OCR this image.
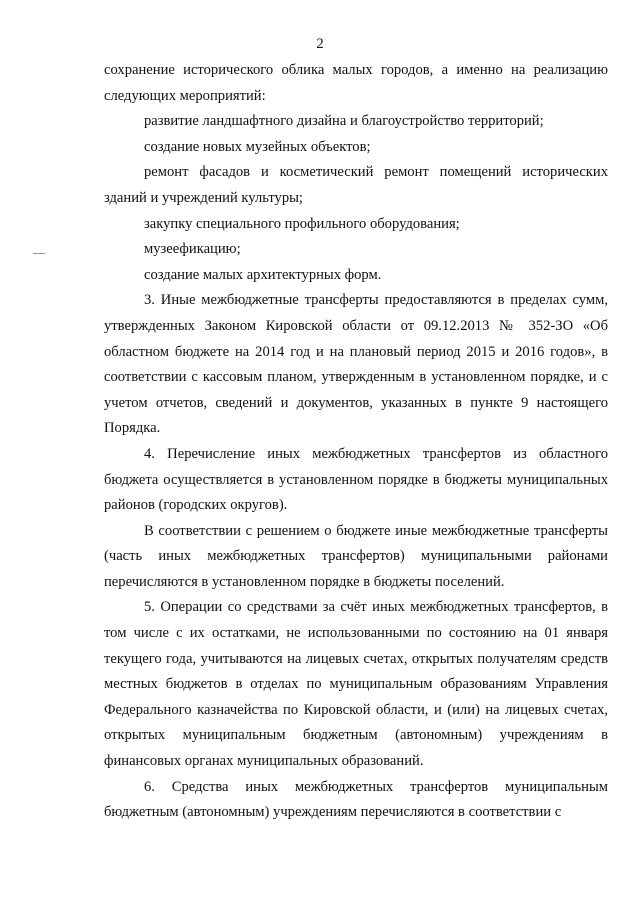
2

сохранение исторического облика малых городов, а именно на реализацию следующих мероприятий:

развитие ландшафтного дизайна и благоустройство территорий;

создание новых музейных объектов;

ремонт фасадов и косметический ремонт помещений исторических зданий и учреждений культуры;

закупку специального профильного оборудования;

музеефикацию;

создание малых архитектурных форм.

3. Иные межбюджетные трансферты предоставляются в пределах сумм, утвержденных Законом Кировской области от 09.12.2013 № 352-ЗО «Об областном бюджете на 2014 год и на плановый период 2015 и 2016 годов», в соответствии с кассовым планом, утвержденным в установленном порядке, и с учетом отчетов, сведений и документов, указанных в пункте 9 настоящего Порядка.

4. Перечисление иных межбюджетных трансфертов из областного бюджета осуществляется в установленном порядке в бюджеты муниципальных районов (городских округов).

В соответствии с решением о бюджете иные межбюджетные трансферты (часть иных межбюджетных трансфертов) муниципальными районами перечисляются в установленном порядке в бюджеты поселений.

5. Операции со средствами за счёт иных межбюджетных трансфертов, в том числе с их остатками, не использованными по состоянию на 01 января текущего года, учитываются на лицевых счетах, открытых получателям средств местных бюджетов в отделах по муниципальным образованиям Управления Федерального казначейства по Кировской области, и (или) на лицевых счетах, открытых муниципальным бюджетным (автономным) учреждениям в финансовых органах муниципальных образований.

6. Средства иных межбюджетных трансфертов муниципальным бюджетным (автономным) учреждениям перечисляются в соответствии с
